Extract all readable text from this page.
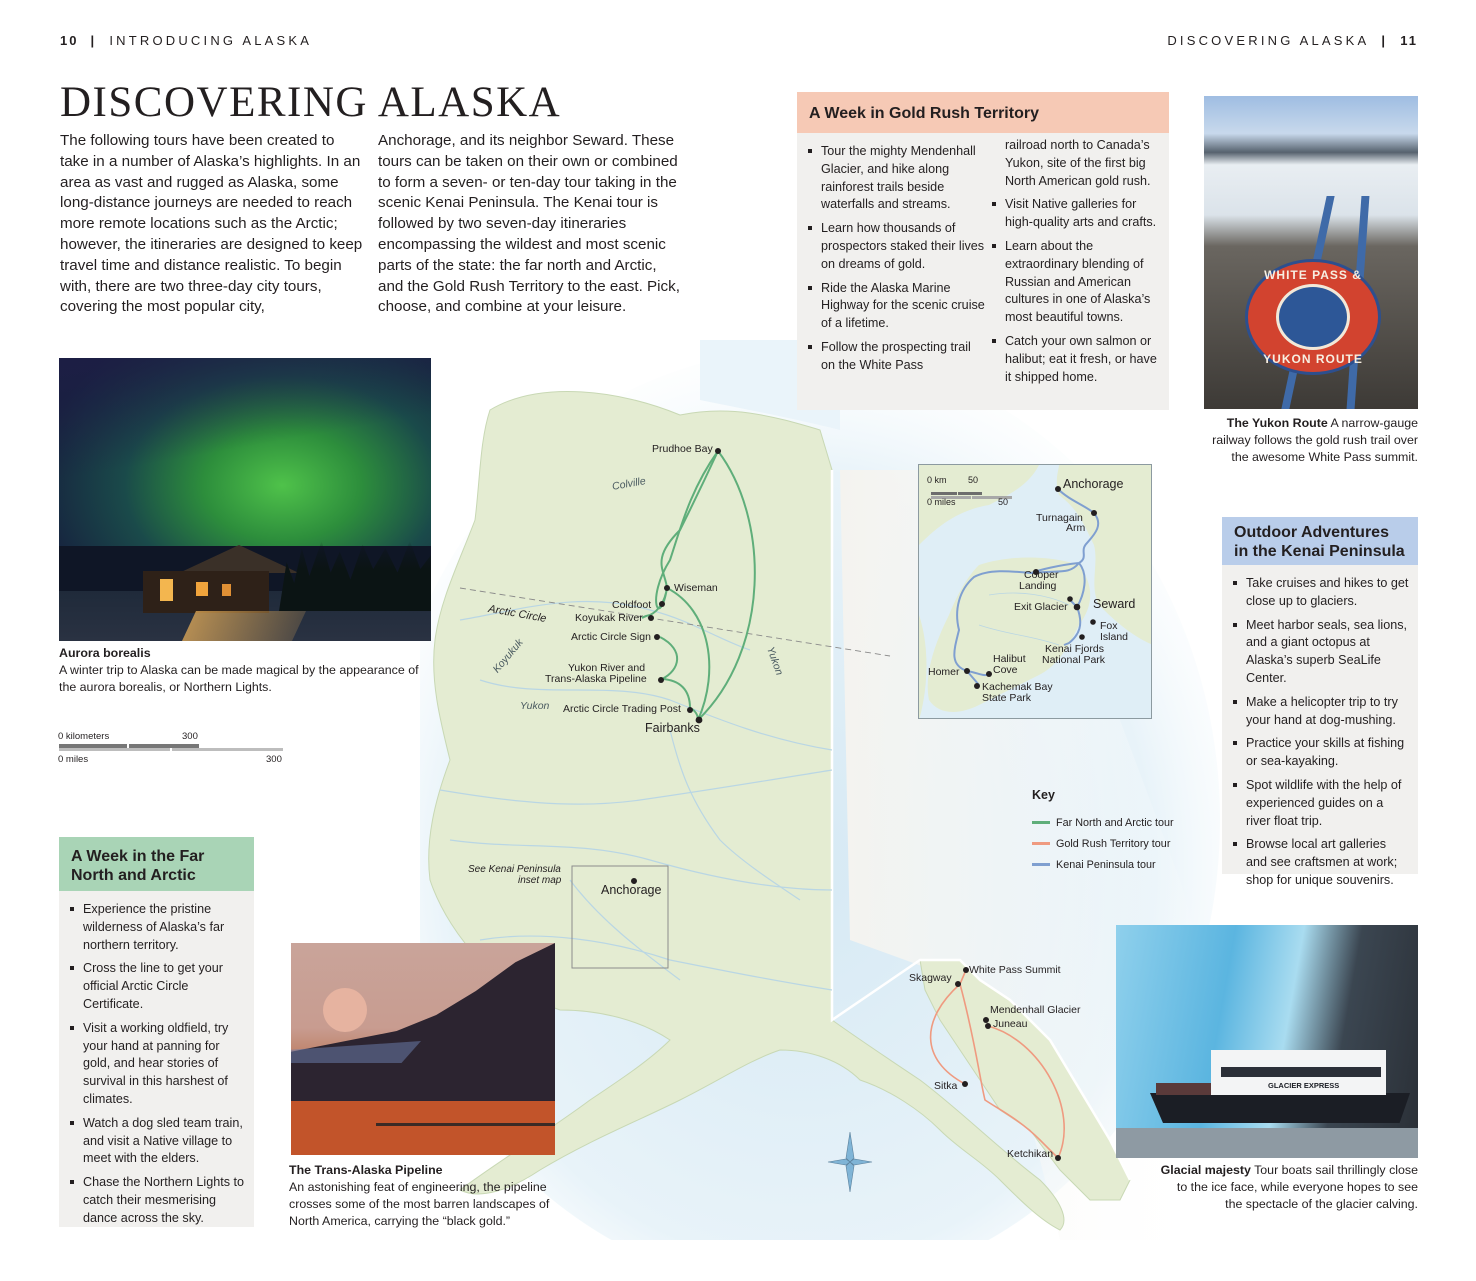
10 | INTRODUCING ALASKA	DISCOVERING ALASKA | 11
DISCOVERING ALASKA

The following tours have been created to take in a number of Alaska’s highlights. In an area as vast and rugged as Alaska, some long-distance journeys are needed to reach more remote locations such as the Arctic; however, the itineraries are designed to keep travel time and distance realistic. To begin with, there are two three-day city tours, covering the most popular city,

Anchorage, and its neighbor Seward. These tours can be taken on their own or combined to form a seven- or ten-day tour taking in the scenic Kenai Peninsula. The Kenai tour is followed by two seven-day itineraries encompassing the wildest and most scenic parts of the state: the far north and Arctic, and the Gold Rush Territory to the east. Pick, choose, and combine at your leisure.

Prudhoe Bay
Colville
Wiseman
Coldfoot
Koyukak River
Arctic Circle
Arctic Circle Sign
Koyukuk	Yukon River and
Trans-Alaska Pipeline
Yukon Arctic Circle Trading Post
Fairbanks
Yukon
See Kenai Peninsula
inset map
Anchorage
Skagway
White Pass Summit
Mendenhall Glacier
Juneau
Sitka
Ketchikan
0 km 50
0 miles	50
Anchorage
Turnagain
Arm
Cooper
Landing
Exit Glacier Seward
Fox
Island
Kenai Fjords
National Park
Halibut
Cove
Homer
Kachemak Bay
State Park
Key
Far North and Arctic tour
Gold Rush Territory tour
Kenai Peninsula tour
0 kilometers	300
0 miles	300
A Week in Gold Rush Territory
Tour the mighty Mendenhall Glacier, and hike along rainforest trails beside waterfalls and streams.
Learn how thousands of prospectors staked their lives on dreams of gold.
Ride the Alaska Marine Highway for the scenic cruise of a lifetime.
Follow the prospecting trail on the White Pass

railroad north to Canada’s Yukon, site of the first big North American gold rush.

Visit Native galleries for high-quality arts and crafts.
Learn about the extraordinary blending of Russian and American cultures in one of Alaska’s most beautiful towns.
Catch your own salmon or halibut; eat it fresh, or have it shipped home.
A Week in the Far North and Arctic
Experience the pristine wilderness of Alaska’s far northern territory.
Cross the line to get your official Arctic Circle Certificate.
Visit a working oldfield, try your hand at panning for gold, and hear stories of survival in this harshest of climates.
Watch a dog sled team train, and visit a Native village to meet with the elders.
Chase the Northern Lights to catch their mesmerising dance across the sky.
Outdoor Adventures in the Kenai Peninsula
Take cruises and hikes to get close up to glaciers.
Meet harbor seals, sea lions, and a giant octopus at Alaska’s superb SeaLife Center.
Make a helicopter trip to try your hand at dog-mushing.
Practice your skills at fishing or sea-kayaking.
Spot wildlife with the help of experienced guides on a river float trip.
Browse local art galleries and see craftsmen at work; shop for unique souvenirs.

Aurora borealis
A winter trip to Alaska can be made magical by the appearance of the aurora borealis, or Northern Lights.

WHITE PASS &
YUKON ROUTE

The Yukon Route A narrow-gauge railway follows the gold rush trail over the awesome White Pass summit.

The Trans-Alaska Pipeline
An astonishing feat of engineering, the pipeline crosses some of the most barren landscapes of North America, carrying the “black gold.”

GLACIER EXPRESS

Glacial majesty Tour boats sail thrillingly close to the ice face, while everyone hopes to see the spectacle of the glacier calving.
